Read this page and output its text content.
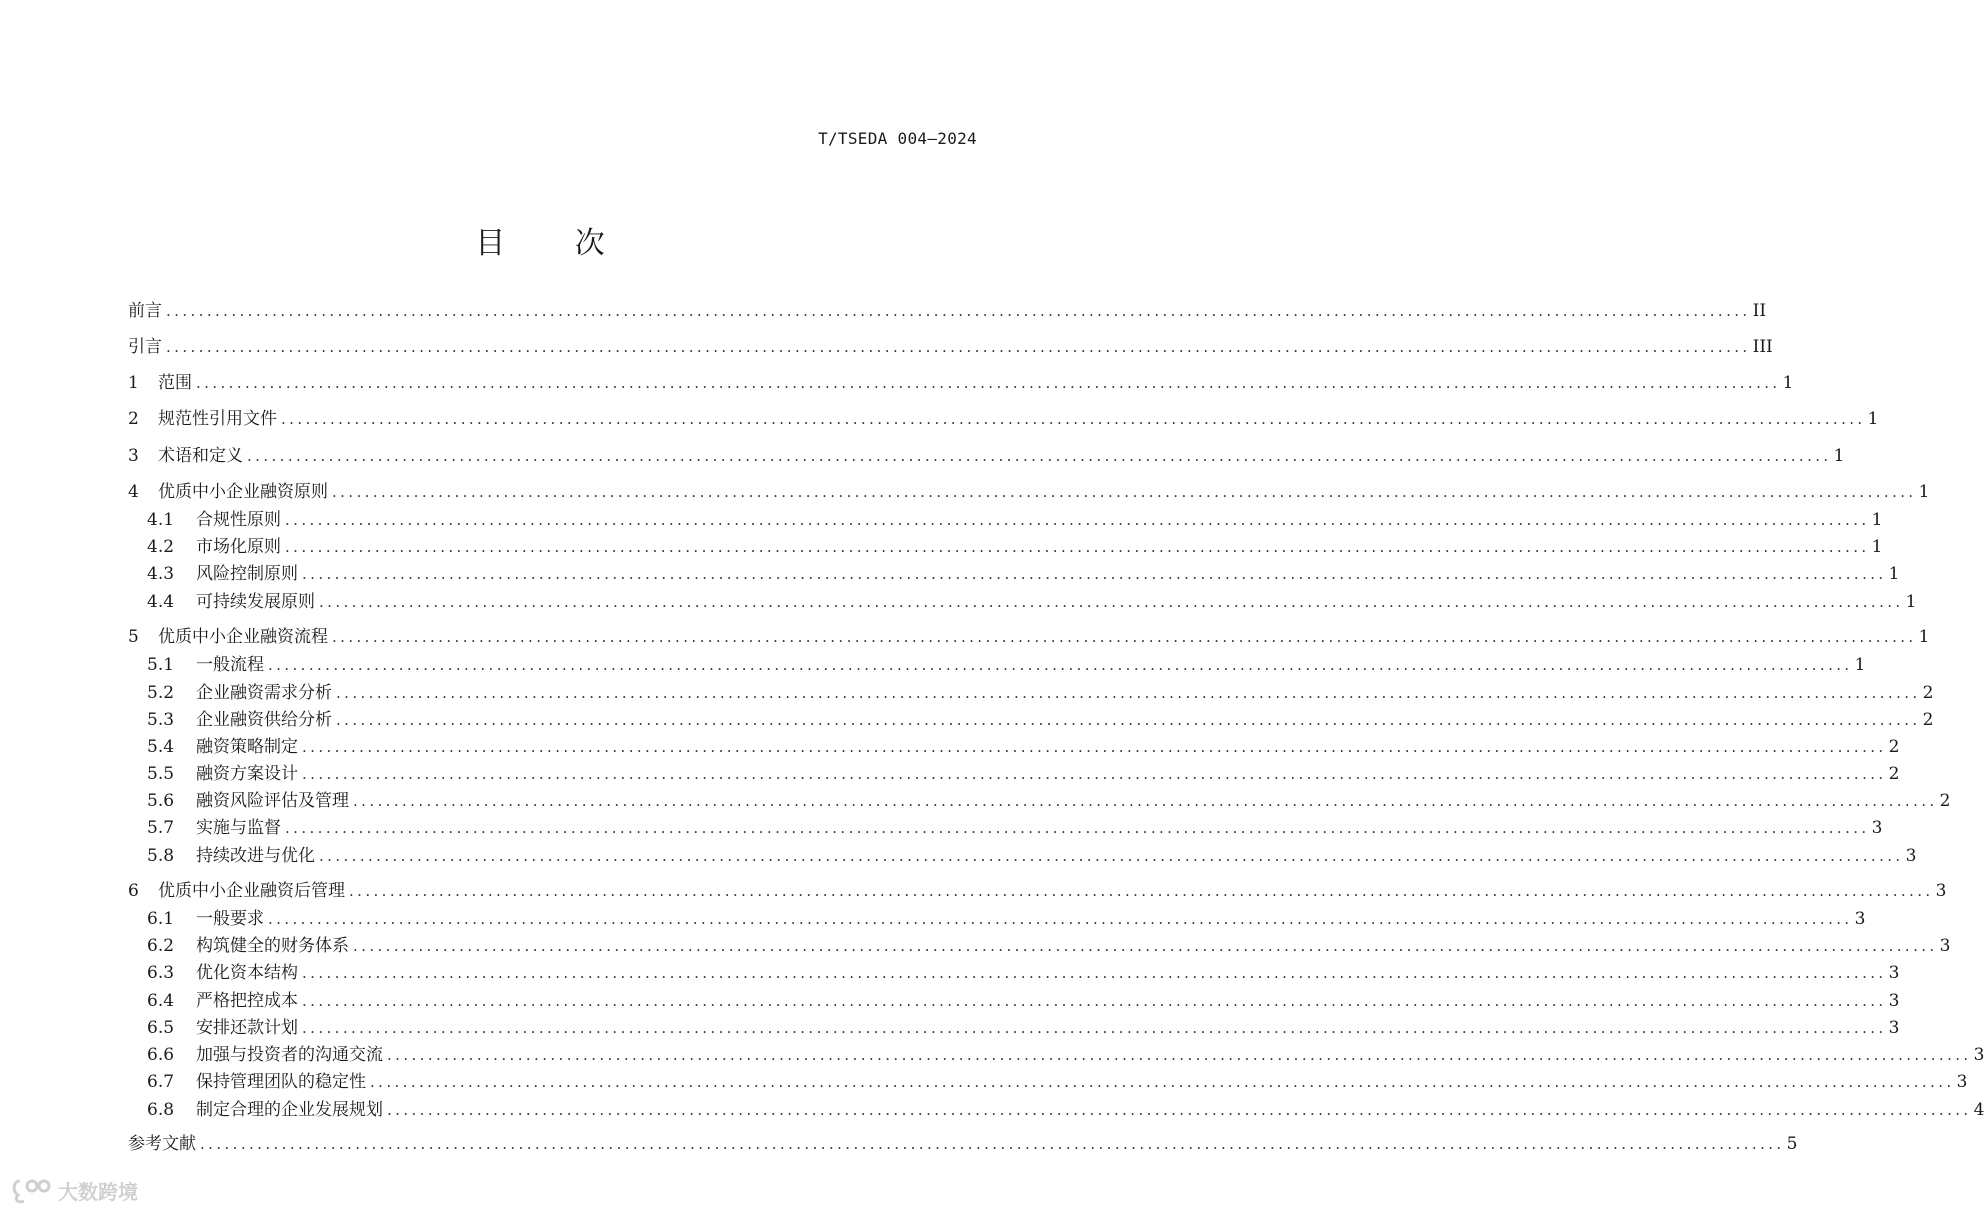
T/TSEDA 004—2024
目 次
前言 .................................................................................................................................................................................................. II
引言 .................................................................................................................................................................................................. III
1	范围 .................................................................................................................................................................................................. 1
2	规范性引用文件 .................................................................................................................................................................................................. 1
3	术语和定义 .................................................................................................................................................................................................. 1
4	优质中小企业融资原则 .................................................................................................................................................................................................. 1
4.1	合规性原则 .................................................................................................................................................................................................. 1
4.2	市场化原则 .................................................................................................................................................................................................. 1
4.3	风险控制原则 .................................................................................................................................................................................................. 1
4.4	可持续发展原则 .................................................................................................................................................................................................. 1
5	优质中小企业融资流程 .................................................................................................................................................................................................. 1
5.1	一般流程 .................................................................................................................................................................................................. 1
5.2	企业融资需求分析 .................................................................................................................................................................................................. 2
5.3	企业融资供给分析 .................................................................................................................................................................................................. 2
5.4	融资策略制定 .................................................................................................................................................................................................. 2
5.5	融资方案设计 .................................................................................................................................................................................................. 2
5.6	融资风险评估及管理 .................................................................................................................................................................................................. 2
5.7	实施与监督 .................................................................................................................................................................................................. 3
5.8	持续改进与优化 .................................................................................................................................................................................................. 3
6	优质中小企业融资后管理 .................................................................................................................................................................................................. 3
6.1	一般要求 .................................................................................................................................................................................................. 3
6.2	构筑健全的财务体系 .................................................................................................................................................................................................. 3
6.3	优化资本结构 .................................................................................................................................................................................................. 3
6.4	严格把控成本 .................................................................................................................................................................................................. 3
6.5	安排还款计划 .................................................................................................................................................................................................. 3
6.6	加强与投资者的沟通交流 .................................................................................................................................................................................................. 3
6.7	保持管理团队的稳定性 .................................................................................................................................................................................................. 3
6.8	制定合理的企业发展规划 .................................................................................................................................................................................................. 4
参考文献 .................................................................................................................................................................................................. 5
大数跨境
